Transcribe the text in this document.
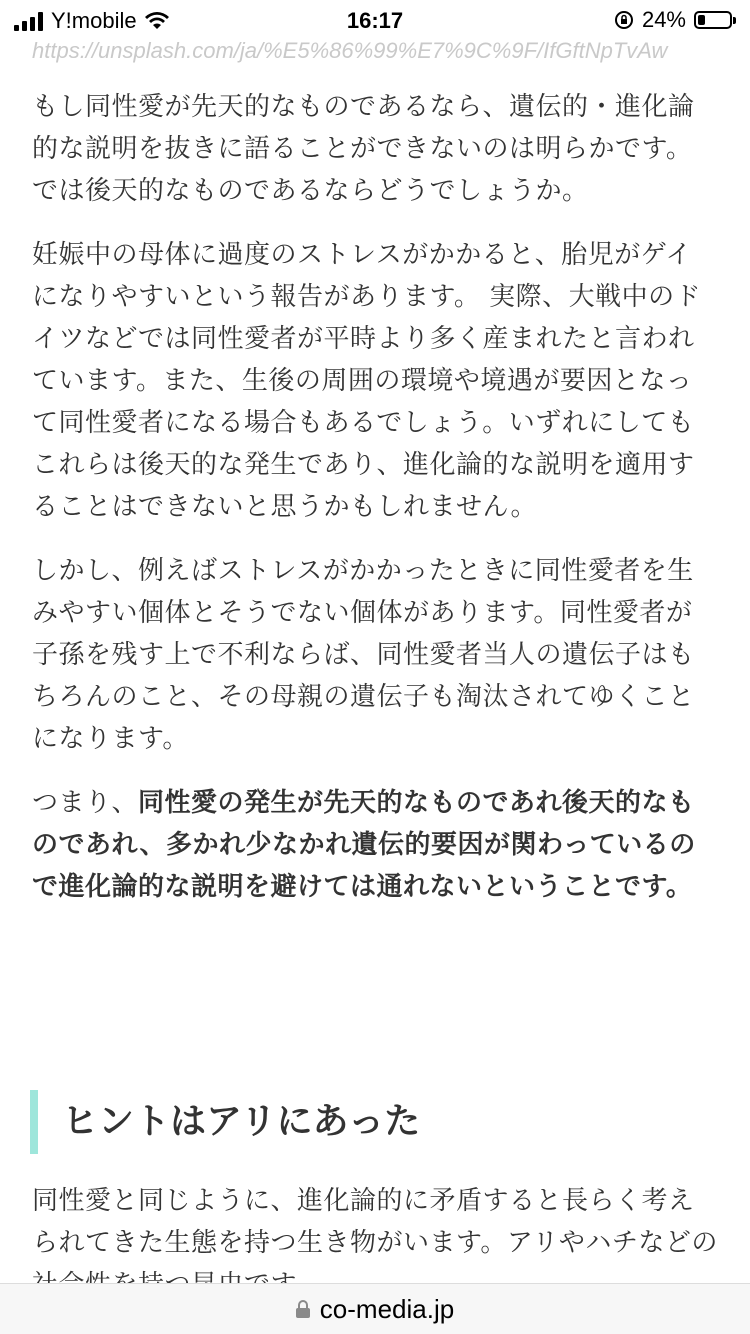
Y!mobile	16:17	24%
https://unsplash.com/ja/%E5%86%99%E7%9C%9F/IfGftNpTvAw

もし同性愛が先天的なものであるなら、遺伝的・進化論的な説明を抜きに語ることができないのは明らかです。 では後天的なものであるならどうでしょうか。

妊娠中の母体に過度のストレスがかかると、胎児がゲイになりやすいという報告があります。 実際、大戦中のドイツなどでは同性愛者が平時より多く産まれたと言われています。また、生後の周囲の環境や境遇が要因となって同性愛者になる場合もあるでしょう。いずれにしてもこれらは後天的な発生であり、進化論的な説明を適用することはできないと思うかもしれません。

しかし、例えばストレスがかかったときに同性愛者を生みやすい個体とそうでない個体があります。同性愛者が子孫を残す上で不利ならば、同性愛者当人の遺伝子はもちろんのこと、その母親の遺伝子も淘汰されてゆくことになります。

つまり、同性愛の発生が先天的なものであれ後天的なものであれ、多かれ少なかれ遺伝的要因が関わっているので進化論的な説明を避けては通れないということです。

ヒントはアリにあった
同性愛と同じように、進化論的に矛盾すると長らく考えられてきた生態を持つ生き物がいます。アリやハチなどの
co-media.jp
